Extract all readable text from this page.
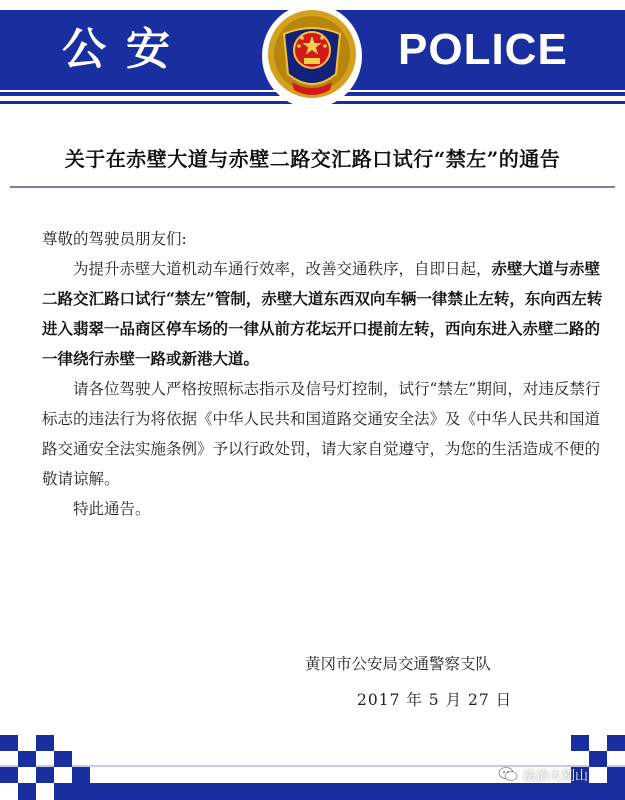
公安	POLICE
关于在赤壁大道与赤壁二路交汇路口试行“禁左”的通告

尊敬的驾驶员朋友们:

为提升赤壁大道机动车通行效率，改善交通秩序，自即日起，赤壁大道与赤壁二路交汇路口试行“禁左”管制，赤壁大道东西双向车辆一律禁止左转，东向西左转进入翡翠一品商区停车场的一律从前方花坛开口提前左转，西向东进入赤壁二路的一律绕行赤壁一路或新港大道。

请各位驾驶人严格按照标志指示及信号灯控制，试行“禁左”期间，对违反禁行标志的违法行为将依据《中华人民共和国道路交通安全法》及《中华人民共和国道路交通安全法实施条例》予以行政处罚，请大家自觉遵守，为您的生活造成不便的敬请谅解。

特此通告。

黄冈市公安局交通警察支队
2017 年 5 月 27 日
法治大别山
